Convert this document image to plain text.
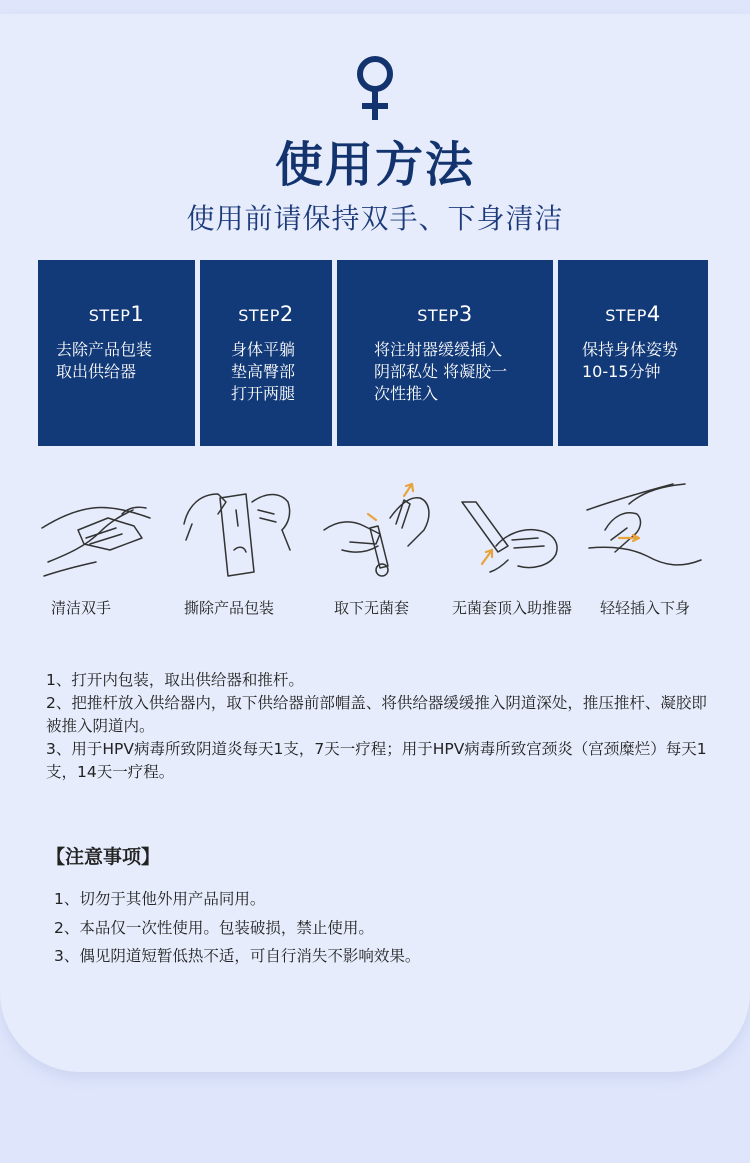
使用方法
使用前请保持双手、下身清洁
STEP1
去除产品包装
取出供给器
STEP2
身体平躺
垫高臀部
打开两腿
STEP3
将注射器缓缓插入
阴部私处 将凝胶一
次性推入
STEP4
保持身体姿势
10-15分钟
清洁双手	撕除产品包装	取下无菌套	无菌套顶入助推器 轻轻插入下身
1、打开内包装，取出供给器和推杆。
2、把推杆放入供给器内，取下供给器前部帽盖、将供给器缓缓推入阴道深处，推压推杆、凝胶即被推入阴道内。
3、用于HPV病毒所致阴道炎每天1支，7天一疗程；用于HPV病毒所致宫颈炎（宫颈糜烂）每天1支，14天一疗程。
【注意事项】
1、切勿于其他外用产品同用。
2、本品仅一次性使用。包装破损，禁止使用。
3、偶见阴道短暂低热不适，可自行消失不影响效果。
